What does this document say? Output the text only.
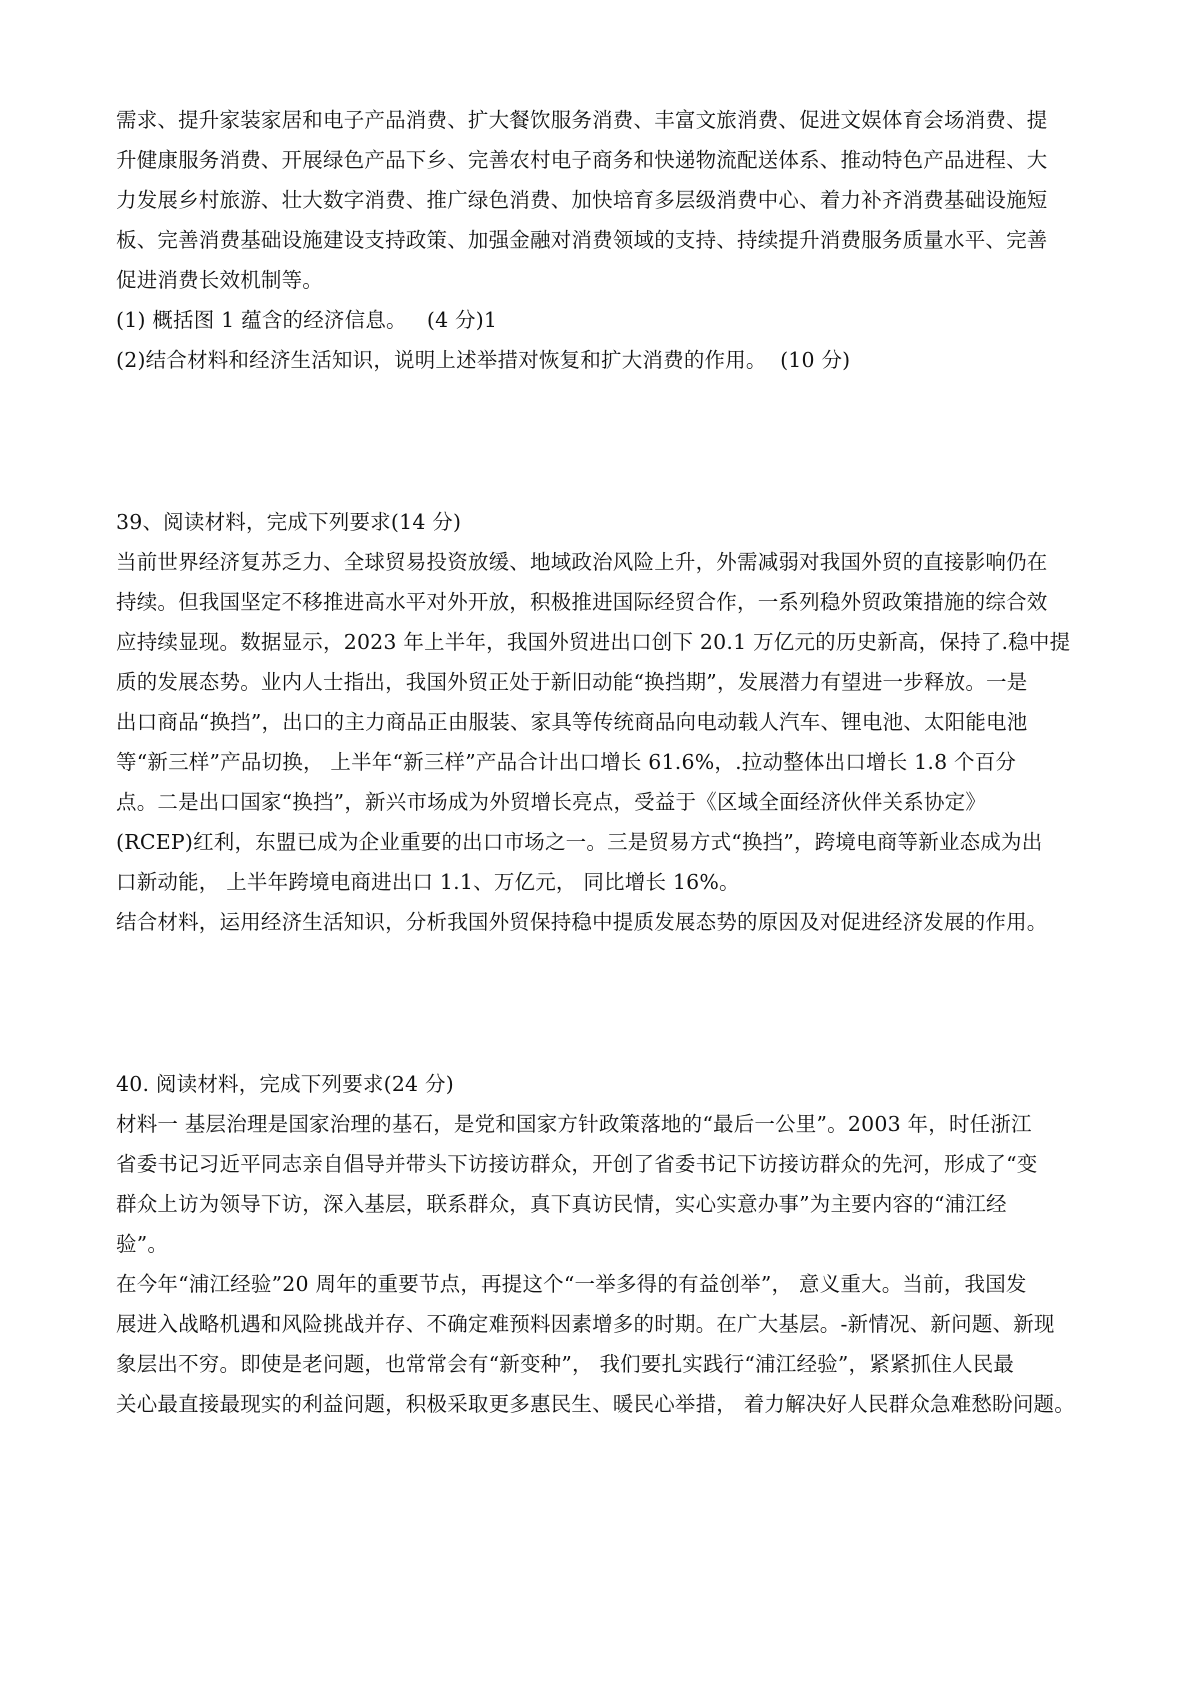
需求、提升家装家居和电子产品消费、扩大餐饮服务消费、丰富文旅消费、促进文娱体育会场消费、提
升健康服务消费、开展绿色产品下乡、完善农村电子商务和快递物流配送体系、推动特色产品进程、大
力发展乡村旅游、壮大数字消费、推广绿色消费、加快培育多层级消费中心、着力补齐消费基础设施短
板、完善消费基础设施建设支持政策、加强金融对消费领域的支持、持续提升消费服务质量水平、完善
促进消费长效机制等。
(1) 概括图 1 蕴含的经济信息。   (4 分)1
(2)结合材料和经济生活知识，说明上述举措对恢复和扩大消费的作用。  (10 分)
39、阅读材料，完成下列要求(14 分)
当前世界经济复苏乏力、全球贸易投资放缓、地域政治风险上升，外需减弱对我国外贸的直接影响仍在
持续。但我国坚定不移推进高水平对外开放，积极推进国际经贸合作，一系列稳外贸政策措施的综合效
应持续显现。数据显示，2023 年上半年，我国外贸进出口创下 20.1 万亿元的历史新高，保持了.稳中提
质的发展态势。业内人士指出，我国外贸正处于新旧动能“换挡期”，发展潜力有望进一步释放。一是
出口商品“换挡”，出口的主力商品正由服装、家具等传统商品向电动载人汽车、锂电池、太阳能电池
等“新三样”产品切换， 上半年“新三样”产品合计出口增长 61.6%，.拉动整体出口增长 1.8 个百分
点。二是出口国家“换挡”，新兴市场成为外贸增长亮点，受益于《区域全面经济伙伴关系协定》
(RCEP)红利，东盟已成为企业重要的出口市场之一。三是贸易方式“换挡”，跨境电商等新业态成为出
口新动能， 上半年跨境电商进出口 1.1、万亿元， 同比增长 16%。
结合材料，运用经济生活知识，分析我国外贸保持稳中提质发展态势的原因及对促进经济发展的作用。
40. 阅读材料，完成下列要求(24 分)
材料一 基层治理是国家治理的基石，是党和国家方针政策落地的“最后一公里”。2003 年，时任浙江
省委书记习近平同志亲自倡导并带头下访接访群众，开创了省委书记下访接访群众的先河，形成了“变
群众上访为领导下访，深入基层，联系群众，真下真访民情，实心实意办事”为主要内容的“浦江经
验”。
在今年“浦江经验”20 周年的重要节点，再提这个“一举多得的有益创举”， 意义重大。当前，我国发
展进入战略机遇和风险挑战并存、不确定难预料因素增多的时期。在广大基层。-新情况、新问题、新现
象层出不穷。即使是老问题，也常常会有“新变种”， 我们要扎实践行“浦江经验”，紧紧抓住人民最
关心最直接最现实的利益问题，积极采取更多惠民生、暖民心举措， 着力解决好人民群众急难愁盼问题。
